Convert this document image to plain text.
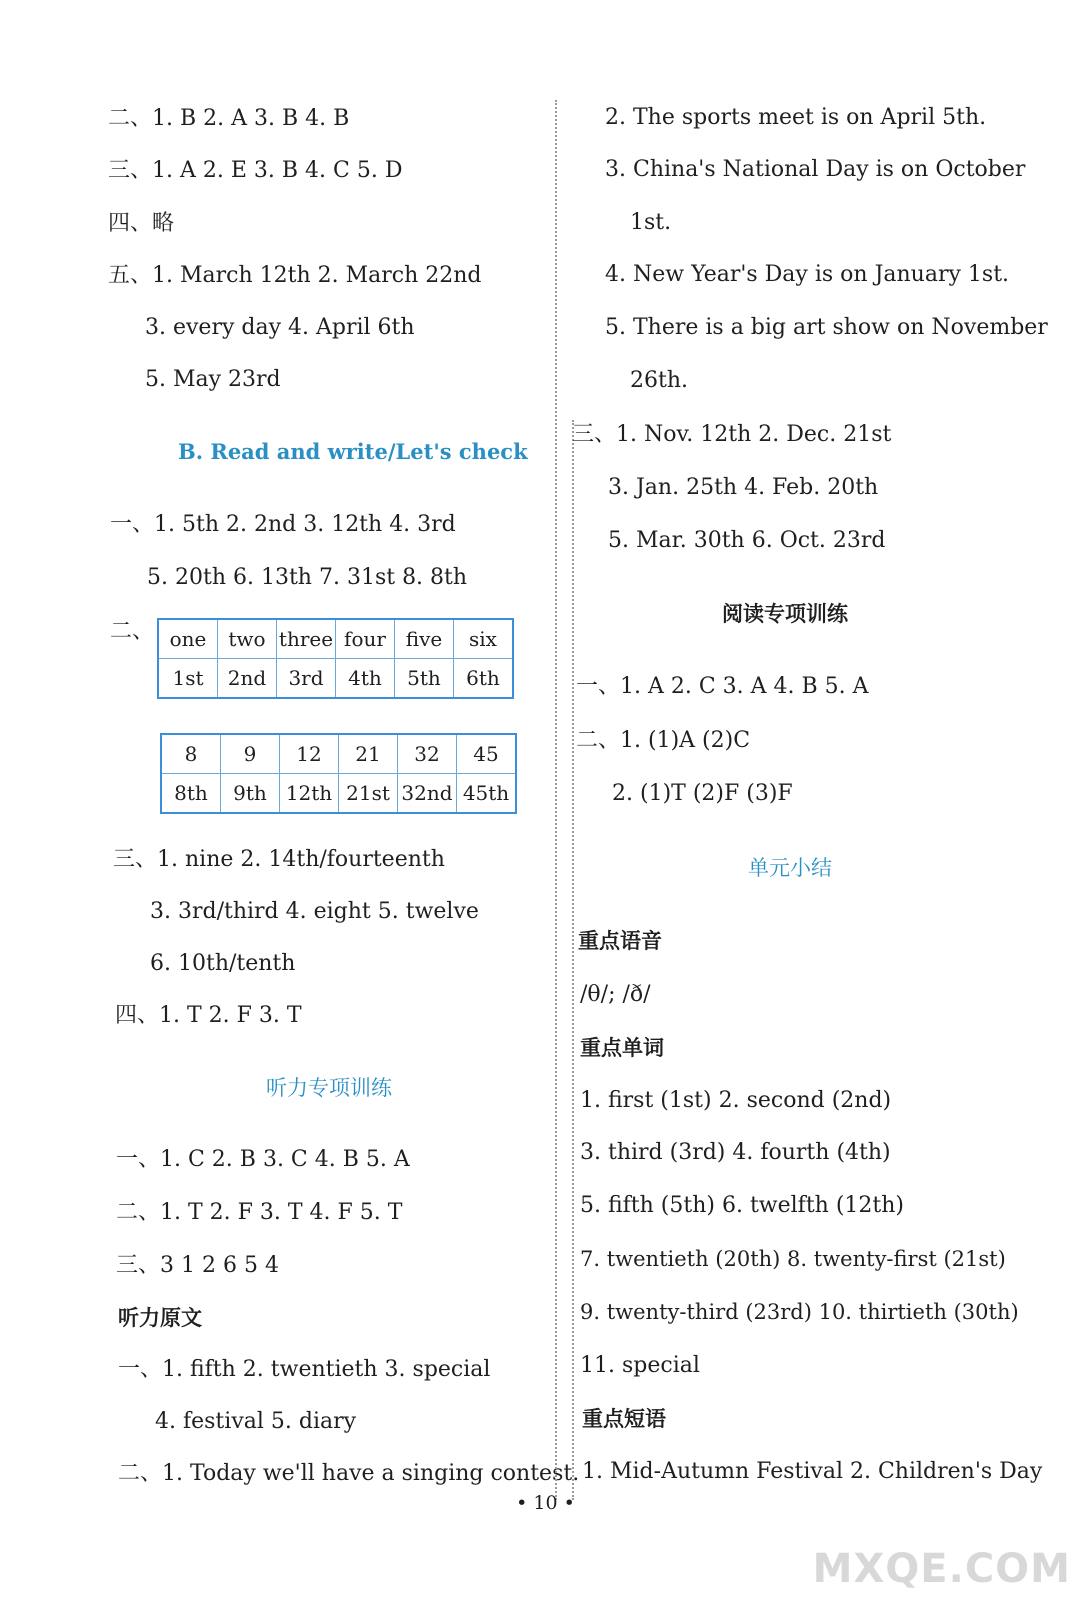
二、1. B 2. A 3. B 4. B
三、1. A 2. E 3. B 4. C 5. D
四、略
五、1. March 12th 2. March 22nd
3. every day 4. April 6th
5. May 23rd
B. Read and write/Let's check
一、1. 5th 2. 2nd 3. 12th 4. 3rd
5. 20th 6. 13th 7. 31st 8. 8th
二、 one	two	three	four	five	six
1st	2nd	3rd	4th	5th	6th
8	9	12	21	32	45
8th	9th	12th	21st	32nd	45th
三、1. nine 2. 14th/fourteenth
3. 3rd/third 4. eight 5. twelve
6. 10th/tenth
四、1. T 2. F 3. T
听力专项训练
一、1. C 2. B 3. C 4. B 5. A
二、1. T 2. F 3. T 4. F 5. T
三、3 1 2 6 5 4
听力原文
一、1. fifth 2. twentieth 3. special
4. festival 5. diary
二、1. Today we'll have a singing contest.
2. The sports meet is on April 5th.
3. China's National Day is on October
1st.
4. New Year's Day is on January 1st.
5. There is a big art show on November
26th.
三、1. Nov. 12th 2. Dec. 21st
3. Jan. 25th 4. Feb. 20th
5. Mar. 30th 6. Oct. 23rd
阅读专项训练
一、1. A 2. C 3. A 4. B 5. A
二、1. (1)A (2)C
2. (1)T (2)F (3)F
单元小结
重点语音
/θ/; /ð/
重点单词
1. first (1st) 2. second (2nd)
3. third (3rd) 4. fourth (4th)
5. fifth (5th) 6. twelfth (12th)
7. twentieth (20th) 8. twenty-first (21st)
9. twenty-third (23rd) 10. thirtieth (30th)
11. special
重点短语
1. Mid-Autumn Festival 2. Children's Day
• 10 •
MXQE.COM
